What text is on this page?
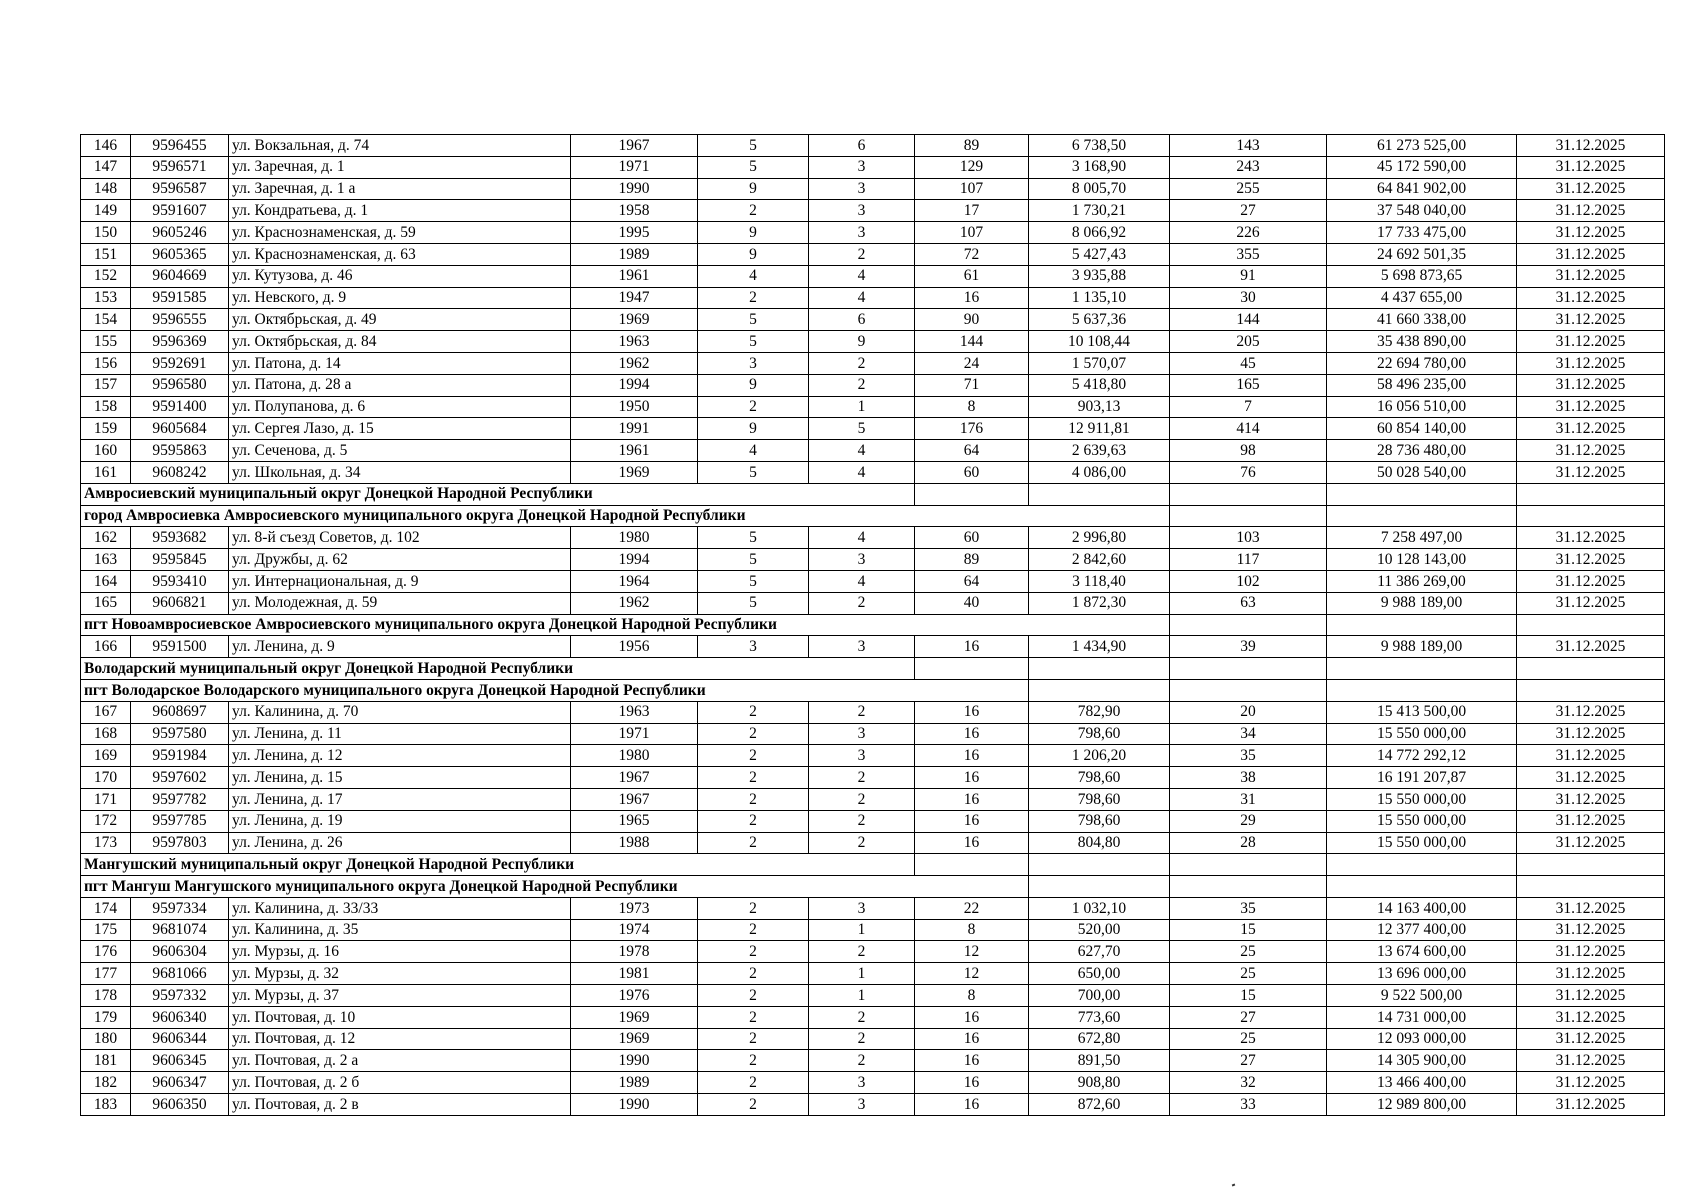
146	9596455	ул. Вокзальная, д. 74	1967	5	6	89	6 738,50	143	61 273 525,00	31.12.2025
147	9596571	ул. Заречная, д. 1	1971	5	3	129	3 168,90	243	45 172 590,00	31.12.2025
148	9596587	ул. Заречная, д. 1 а	1990	9	3	107	8 005,70	255	64 841 902,00	31.12.2025
149	9591607	ул. Кондратьева, д. 1	1958	2	3	17	1 730,21	27	37 548 040,00	31.12.2025
150	9605246	ул. Краснознаменская, д. 59	1995	9	3	107	8 066,92	226	17 733 475,00	31.12.2025
151	9605365	ул. Краснознаменская, д. 63	1989	9	2	72	5 427,43	355	24 692 501,35	31.12.2025
152	9604669	ул. Кутузова, д. 46	1961	4	4	61	3 935,88	91	5 698 873,65	31.12.2025
153	9591585	ул. Невского, д. 9	1947	2	4	16	1 135,10	30	4 437 655,00	31.12.2025
154	9596555	ул. Октябрьская, д. 49	1969	5	6	90	5 637,36	144	41 660 338,00	31.12.2025
155	9596369	ул. Октябрьская, д. 84	1963	5	9	144	10 108,44	205	35 438 890,00	31.12.2025
156	9592691	ул. Патона, д. 14	1962	3	2	24	1 570,07	45	22 694 780,00	31.12.2025
157	9596580	ул. Патона, д. 28 а	1994	9	2	71	5 418,80	165	58 496 235,00	31.12.2025
158	9591400	ул. Полупанова, д. 6	1950	2	1	8	903,13	7	16 056 510,00	31.12.2025
159	9605684	ул. Сергея Лазо, д. 15	1991	9	5	176	12 911,81	414	60 854 140,00	31.12.2025
160	9595863	ул. Сеченова, д. 5	1961	4	4	64	2 639,63	98	28 736 480,00	31.12.2025
161	9608242	ул. Школьная, д. 34	1969	5	4	60	4 086,00	76	50 028 540,00	31.12.2025
Амвросиевский муниципальный округ Донецкой Народной Республики										
город Амвросиевка Амвросиевского муниципального округа Донецкой Народной Республики										
162	9593682	ул. 8-й съезд Советов, д. 102	1980	5	4	60	2 996,80	103	7 258 497,00	31.12.2025
163	9595845	ул. Дружбы, д. 62	1994	5	3	89	2 842,60	117	10 128 143,00	31.12.2025
164	9593410	ул. Интернациональная, д. 9	1964	5	4	64	3 118,40	102	11 386 269,00	31.12.2025
165	9606821	ул. Молодежная, д. 59	1962	5	2	40	1 872,30	63	9 988 189,00	31.12.2025
пгт Новоамвросиевское Амвросиевского муниципального округа Донецкой Народной Республики										
166	9591500	ул. Ленина, д. 9	1956	3	3	16	1 434,90	39	9 988 189,00	31.12.2025
Володарский муниципальный округ Донецкой Народной Республики										
пгт Володарское Володарского муниципального округа Донецкой Народной Республики										
167	9608697	ул. Калинина, д. 70	1963	2	2	16	782,90	20	15 413 500,00	31.12.2025
168	9597580	ул. Ленина, д. 11	1971	2	3	16	798,60	34	15 550 000,00	31.12.2025
169	9591984	ул. Ленина, д. 12	1980	2	3	16	1 206,20	35	14 772 292,12	31.12.2025
170	9597602	ул. Ленина, д. 15	1967	2	2	16	798,60	38	16 191 207,87	31.12.2025
171	9597782	ул. Ленина, д. 17	1967	2	2	16	798,60	31	15 550 000,00	31.12.2025
172	9597785	ул. Ленина, д. 19	1965	2	2	16	798,60	29	15 550 000,00	31.12.2025
173	9597803	ул. Ленина, д. 26	1988	2	2	16	804,80	28	15 550 000,00	31.12.2025
Мангушский муниципальный округ Донецкой Народной Республики										
пгт Мангуш Мангушского муниципального округа Донецкой Народной Республики										
174	9597334	ул. Калинина, д. 33/33	1973	2	3	22	1 032,10	35	14 163 400,00	31.12.2025
175	9681074	ул. Калинина, д. 35	1974	2	1	8	520,00	15	12 377 400,00	31.12.2025
176	9606304	ул. Мурзы, д. 16	1978	2	2	12	627,70	25	13 674 600,00	31.12.2025
177	9681066	ул. Мурзы, д. 32	1981	2	1	12	650,00	25	13 696 000,00	31.12.2025
178	9597332	ул. Мурзы, д. 37	1976	2	1	8	700,00	15	9 522 500,00	31.12.2025
179	9606340	ул. Почтовая, д. 10	1969	2	2	16	773,60	27	14 731 000,00	31.12.2025
180	9606344	ул. Почтовая, д. 12	1969	2	2	16	672,80	25	12 093 000,00	31.12.2025
181	9606345	ул. Почтовая, д. 2 а	1990	2	2	16	891,50	27	14 305 900,00	31.12.2025
182	9606347	ул. Почтовая, д. 2 б	1989	2	3	16	908,80	32	13 466 400,00	31.12.2025
183	9606350	ул. Почтовая, д. 2 в	1990	2	3	16	872,60	33	12 989 800,00	31.12.2025
